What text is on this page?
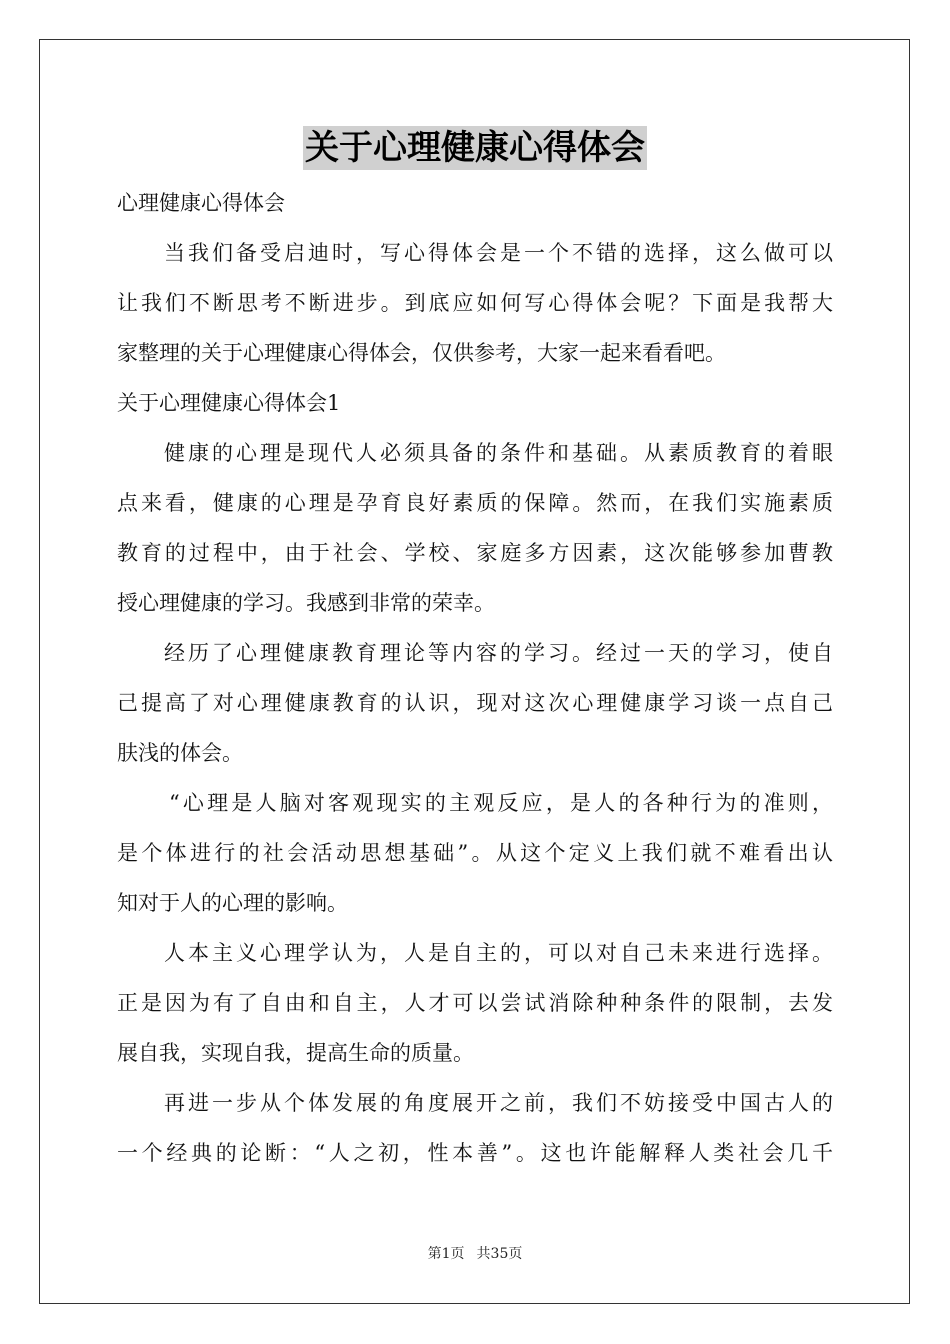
关于心理健康心得体会
心理健康心得体会
当我们备受启迪时，写心得体会是一个不错的选择，这么做可以
让我们不断思考不断进步。到底应如何写心得体会呢？下面是我帮大
家整理的关于心理健康心得体会，仅供参考，大家一起来看看吧。
关于心理健康心得体会1
健康的心理是现代人必须具备的条件和基础。从素质教育的着眼
点来看，健康的心理是孕育良好素质的保障。然而，在我们实施素质
教育的过程中，由于社会、学校、家庭多方因素，这次能够参加曹教
授心理健康的学习。我感到非常的荣幸。
经历了心理健康教育理论等内容的学习。经过一天的学习，使自
己提高了对心理健康教育的认识，现对这次心理健康学习谈一点自己
肤浅的体会。
“心理是人脑对客观现实的主观反应，是人的各种行为的准则，
是个体进行的社会活动思想基础”。从这个定义上我们就不难看出认
知对于人的心理的影响。
人本主义心理学认为，人是自主的，可以对自己未来进行选择。
正是因为有了自由和自主，人才可以尝试消除种种条件的限制，去发
展自我，实现自我，提高生命的质量。
再进一步从个体发展的角度展开之前，我们不妨接受中国古人的
一个经典的论断：“人之初，性本善”。这也许能解释人类社会几千
第1页 共35页
